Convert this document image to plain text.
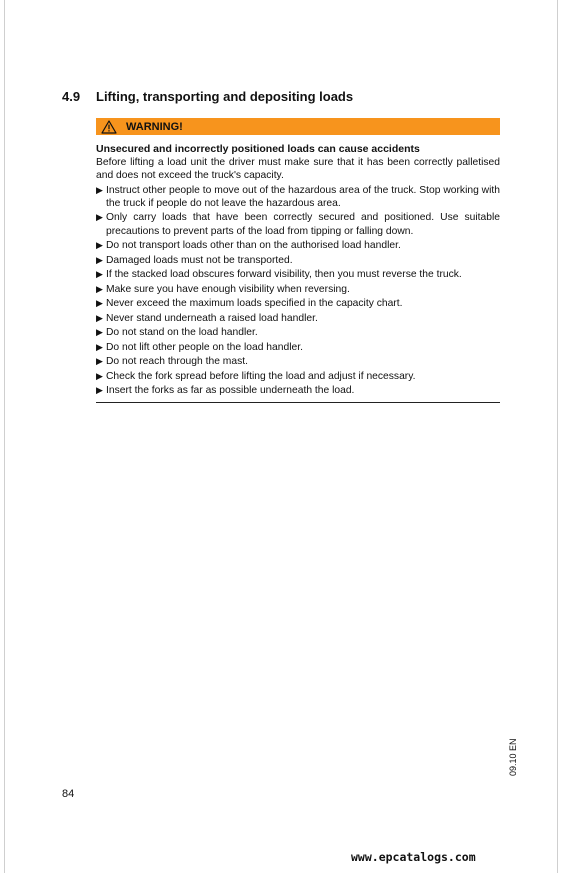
4.9 Lifting, transporting and depositing loads
WARNING!
Unsecured and incorrectly positioned loads can cause accidents
Before lifting a load unit the driver must make sure that it has been correctly palletised and does not exceed the truck's capacity.
▶ Instruct other people to move out of the hazardous area of the truck. Stop working with the truck if people do not leave the hazardous area.
▶ Only carry loads that have been correctly secured and positioned. Use suitable precautions to prevent parts of the load from tipping or falling down.
▶ Do not transport loads other than on the authorised load handler.
▶ Damaged loads must not be transported.
▶ If the stacked load obscures forward visibility, then you must reverse the truck.
▶ Make sure you have enough visibility when reversing.
▶ Never exceed the maximum loads specified in the capacity chart.
▶ Never stand underneath a raised load handler.
▶ Do not stand on the load handler.
▶ Do not lift other people on the load handler.
▶ Do not reach through the mast.
▶ Check the fork spread before lifting the load and adjust if necessary.
▶ Insert the forks as far as possible underneath the load.
09.10 EN
84
www.epcatalogs.com
